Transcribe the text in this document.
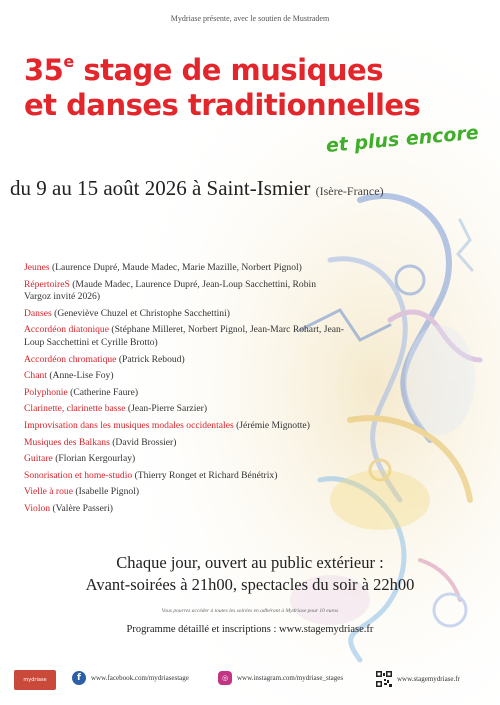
Mydriase présente, avec le soutien de Mustradem
35e stage de musiques
et danses traditionnelles
et plus encore
du 9 au 15 août 2026 à Saint-Ismier (Isère-France)
Jeunes (Laurence Dupré, Maude Madec, Marie Mazille, Norbert Pignol)
RépertoireS (Maude Madec, Laurence Dupré, Jean-Loup Sacchettini, Robin Vargoz invité 2026)
Danses (Geneviève Chuzel et Christophe Sacchettini)
Accordéon diatonique (Stéphane Milleret, Norbert Pignol, Jean-Marc Rohart, Jean-Loup Sacchettini et Cyrille Brotto)
Accordéon chromatique (Patrick Reboud)
Chant (Anne-Lise Foy)
Polyphonie (Catherine Faure)
Clarinette, clarinette basse (Jean-Pierre Sarzier)
Improvisation dans les musiques modales occidentales (Jérémie Mignotte)
Musiques des Balkans (David Brossier)
Guitare (Florian Kergourlay)
Sonorisation et home-studio (Thierry Ronget et Richard Bénétrix)
Vielle à roue (Isabelle Pignol)
Violon (Valère Passeri)
Chaque jour, ouvert au public extérieur :
Avant-soirées à 21h00, spectacles du soir à 22h00
Vous pourrez accéder à toutes les soirées en adhérant à Mydriase pour 10 euros
Programme détaillé et inscriptions : www.stagemydriase.fr
mydriase	f	www.facebook.com/mydriasestage	◎	www.instagram.com/mydriase_stages	www.stagemydriase.fr
